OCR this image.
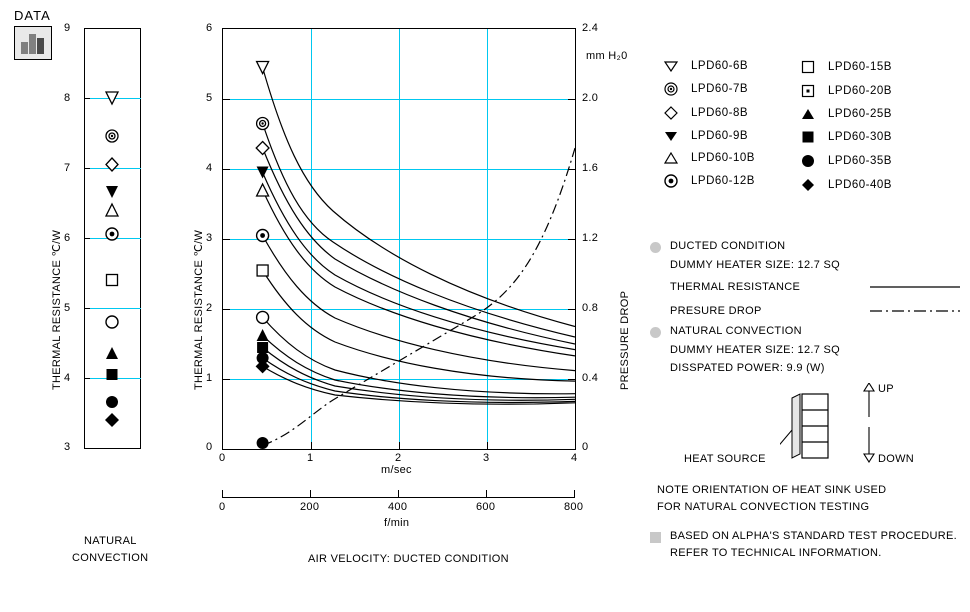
DATA
9
8
7
6
5
4
3
THERMAL RESISTANCE ℃/W
NATURAL
CONVECTION
6
5
4
3
2
1
0
THERMAL RESISTANCE ℃/W
2.4
2.0
1.6
1.2
0.8
0.4
0
mm H₂0
PRESSURE DROP
0	1	2	3	4
m/sec
0	200	400	600	800
f/min
AIR VELOCITY: DUCTED CONDITION
LPD60-6B
LPD60-7B
LPD60-8B
LPD60-9B
LPD60-10B
LPD60-12B
LPD60-15B
LPD60-20B
LPD60-25B
LPD60-30B
LPD60-35B
LPD60-40B
DUCTED CONDITION
DUMMY HEATER SIZE: 12.7 SQ
THERMAL RESISTANCE
PRESURE DROP
NATURAL CONVECTION
DUMMY HEATER SIZE: 12.7 SQ
DISSPATED POWER: 9.9 (W)
HEAT SOURCE
UP
DOWN
NOTE ORIENTATION OF HEAT SINK USED
FOR NATURAL CONVECTION TESTING
BASED ON ALPHA'S STANDARD TEST PROCEDURE.
REFER TO TECHNICAL INFORMATION.
